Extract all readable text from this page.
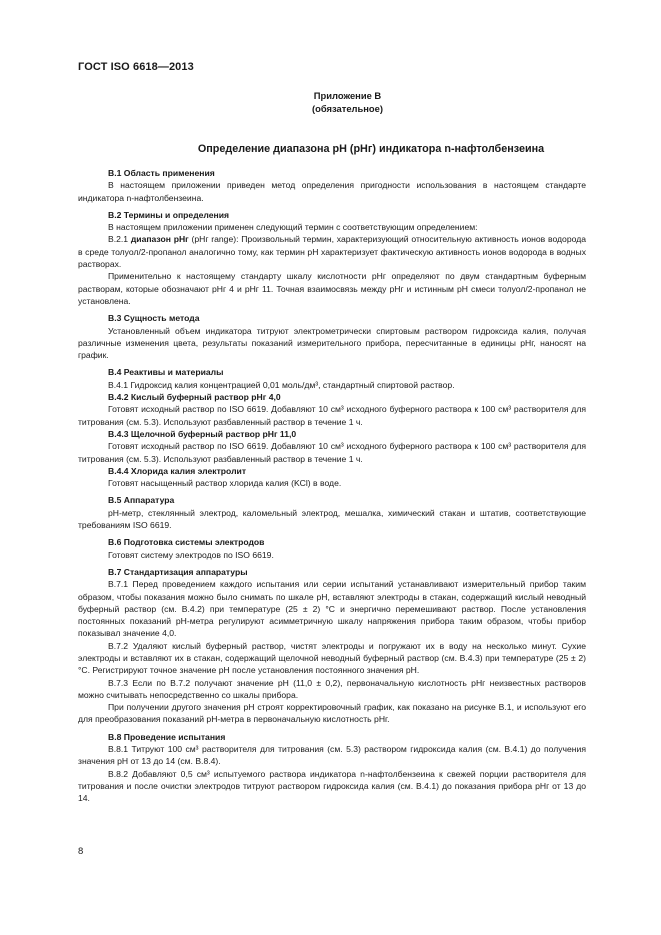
ГОСТ ISO 6618—2013
Приложение В
(обязательное)
Определение диапазона pH (pHг) индикатора n-нафтолбензеина
В.1 Область применения

В настоящем приложении приведен метод определения пригодности использования в настоящем стандарте индикатора n-нафтолбензеина.

В.2 Термины и определения

В настоящем приложении применен следующий термин с соответствующим определением:

В.2.1 диапазон pHг (pHг range): Произвольный термин, характеризующий относительную активность ионов водорода в среде толуол/2-пропанол аналогично тому, как термин pH характеризует фактическую активность ионов водорода в водных растворах.

Применительно к настоящему стандарту шкалу кислотности pHг определяют по двум стандартным буферным растворам, которые обозначают pHг 4 и pHг 11. Точная взаимосвязь между pHг и истинным pH смеси толуол/2-пропанол не установлена.

В.3 Сущность метода

Установленный объем индикатора титруют электрометрически спиртовым раствором гидроксида калия, получая различные изменения цвета, результаты показаний измерительного прибора, пересчитанные в единицы pHг, наносят на график.

В.4 Реактивы и материалы

В.4.1 Гидроксид калия концентрацией 0,01 моль/дм³, стандартный спиртовой раствор.

В.4.2 Кислый буферный раствор pHг 4,0

Готовят исходный раствор по ISO 6619. Добавляют 10 см³ исходного буферного раствора к 100 см³ растворителя для титрования (см. 5.3). Используют разбавленный раствор в течение 1 ч.

В.4.3 Щелочной буферный раствор pHг 11,0

Готовят исходный раствор по ISO 6619. Добавляют 10 см³ исходного буферного раствора к 100 см³ растворителя для титрования (см. 5.3). Используют разбавленный раствор в течение 1 ч.

В.4.4 Хлорида калия электролит

Готовят насыщенный раствор хлорида калия (KCl) в воде.

В.5 Аппаратура

pH-метр, стеклянный электрод, каломельный электрод, мешалка, химический стакан и штатив, соответствующие требованиям ISO 6619.

В.6 Подготовка системы электродов

Готовят систему электродов по ISO 6619.

В.7 Стандартизация аппаратуры

В.7.1 Перед проведением каждого испытания или серии испытаний устанавливают измерительный прибор таким образом, чтобы показания можно было снимать по шкале pH, вставляют электроды в стакан, содержащий кислый неводный буферный раствор (см. В.4.2) при температуре (25 ± 2) °С и энергично перемешивают раствор. После установления постоянных показаний pH-метра регулируют асимметричную шкалу напряжения прибора таким образом, чтобы прибор показывал значение 4,0.

В.7.2 Удаляют кислый буферный раствор, чистят электроды и погружают их в воду на несколько минут. Сухие электроды и вставляют их в стакан, содержащий щелочной неводный буферный раствор (см. В.4.3) при температуре (25 ± 2) °С. Регистрируют точное значение pH после установления постоянного значения pH.

В.7.3 Если по В.7.2 получают значение pH (11,0 ± 0,2), первоначальную кислотность pHг неизвестных растворов можно считывать непосредственно со шкалы прибора.

При получении другого значения pH строят корректировочный график, как показано на рисунке В.1, и используют его для преобразования показаний pH-метра в первоначальную кислотность pHг.

В.8 Проведение испытания

В.8.1 Титруют 100 см³ растворителя для титрования (см. 5.3) раствором гидроксида калия (см. В.4.1) до получения значения pH от 13 до 14 (см. В.8.4).

В.8.2 Добавляют 0,5 см³ испытуемого раствора индикатора n-нафтолбензеина к свежей порции растворителя для титрования и после очистки электродов титруют раствором гидроксида калия (см. В.4.1) до показания прибора pHг от 13 до 14.

8
